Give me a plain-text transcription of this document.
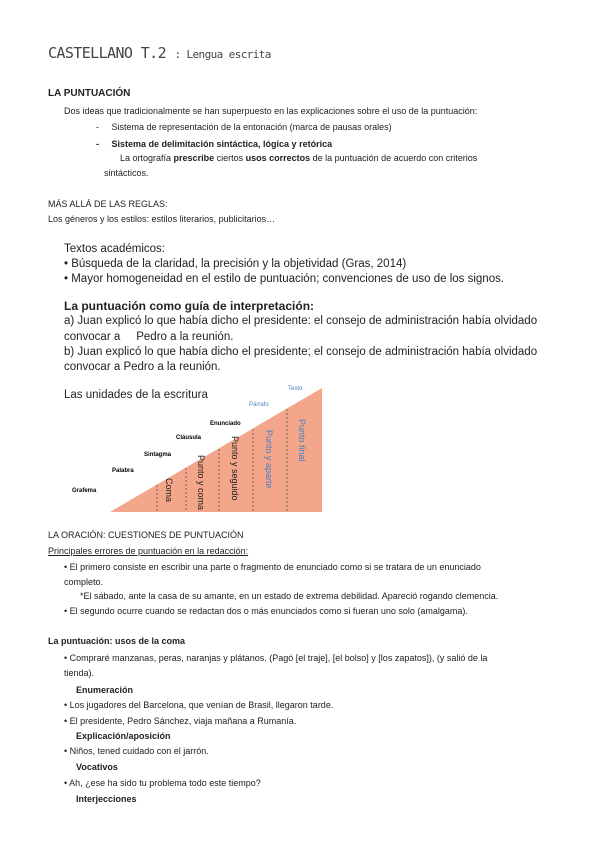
CASTELLANO T.2 : Lengua escrita
LA PUNTUACIÓN
Dos ideas que tradicionalmente se han superpuesto en las explicaciones sobre el uso de la puntuación:
-     Sistema de representación de la entonación (marca de pausas orales)
-     Sistema de delimitación sintáctica, lógica y retórica
La ortografía prescribe ciertos usos correctos de la puntuación de acuerdo con criterios
sintácticos.
MÁS ALLÁ DE LAS REGLAS:
Los géneros y los estilos: estilos literarios, publicitarios…
Textos académicos:
• Búsqueda de la claridad, la precisión y la objetividad (Gras, 2014)
• Mayor homogeneidad en el estilo de puntuación; convenciones de uso de los signos.
La puntuación como guía de interpretación:
a) Juan explicó lo que había dicho el presidente: el consejo de administración había olvidado
convocar a     Pedro a la reunión.
b) Juan explicó lo que había dicho el presidente; el consejo de administración había olvidado
convocar a Pedro a la reunión.
Las unidades de la escritura
Grafema
Palabra
Sintagma
Cláusula
Enunciado
Párrafo
Texto
Coma Punto y coma	Punto y seguido	Punto y aparte	Punto final
LA ORACIÓN: CUESTIONES DE PUNTUACIÓN
Principales errores de puntuación en la redacción:
• El primero consiste en escribir una parte o fragmento de enunciado como si se tratara de un enunciado
completo.
*El sábado, ante la casa de su amante, en un estado de extrema debilidad. Apareció rogando clemencia.
• El segundo ocurre cuando se redactan dos o más enunciados como si fueran uno solo (amalgama).
La puntuación: usos de la coma
• Compraré manzanas, peras, naranjas y plátanos. (Pagó [el traje], [el bolso] y [los zapatos]), (y salió de la
tienda).
Enumeración
• Los jugadores del Barcelona, que venían de Brasil, llegaron tarde.
• El presidente, Pedro Sánchez, viaja mañana a Rumanía.
Explicación/aposición
• Niños, tened cuidado con el jarrón.
Vocativos
• Ah, ¿ese ha sido tu problema todo este tiempo?
Interjecciones
